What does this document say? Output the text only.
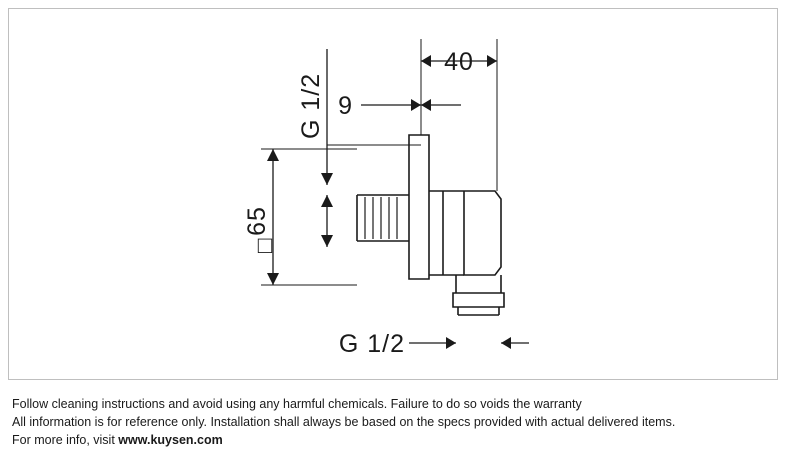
G 1/2
40
9
65
□
G 1/2
Follow cleaning instructions and avoid using any harmful chemicals. Failure to do so voids the warranty
All information is for reference only. Installation shall always be based on the specs provided with actual delivered items.
For more info, visit www.kuysen.com
